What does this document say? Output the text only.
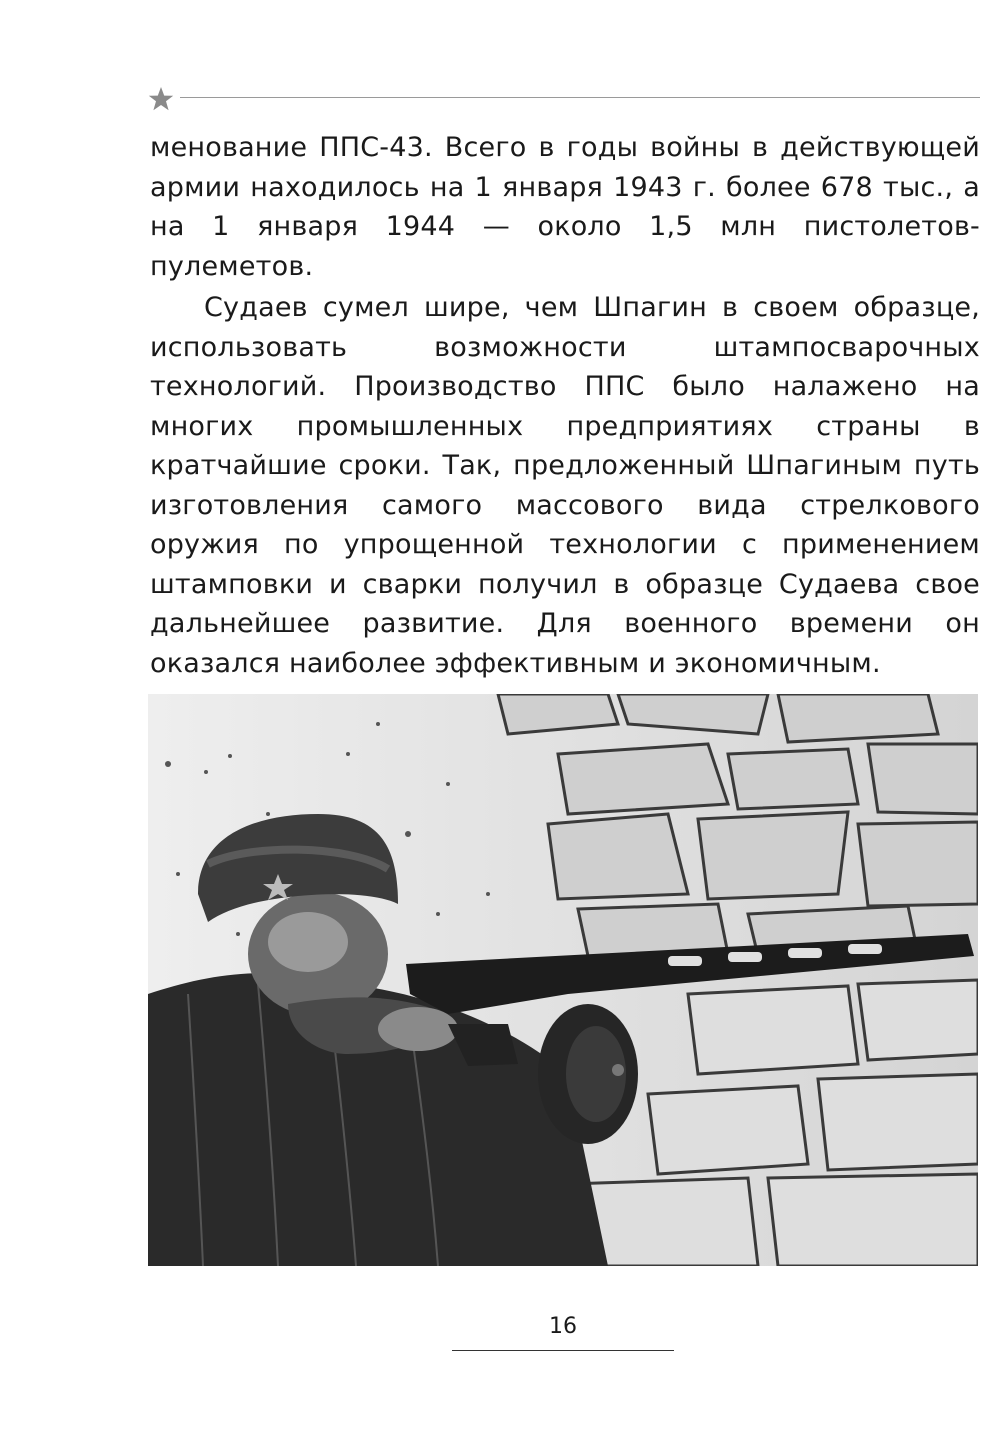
менование ППС-43. Всего в годы войны в действующей армии находилось на 1 января 1943 г. более 678 тыс., а на 1 января 1944 — около 1,5 млн пистолетов- пулеметов.

Судаев сумел шире, чем Шпагин в своем образце, использовать возможности штампосварочных технологий. Производство ППС было налажено на многих промышленных предприятиях страны в кратчайшие сроки. Так, предложенный Шпагиным путь изготовления самого массового вида стрелкового оружия по упрощенной технологии с применением штамповки и сварки получил в образце Судаева свое дальнейшее развитие. Для военного времени он оказался наиболее эффективным и экономичным.

16
